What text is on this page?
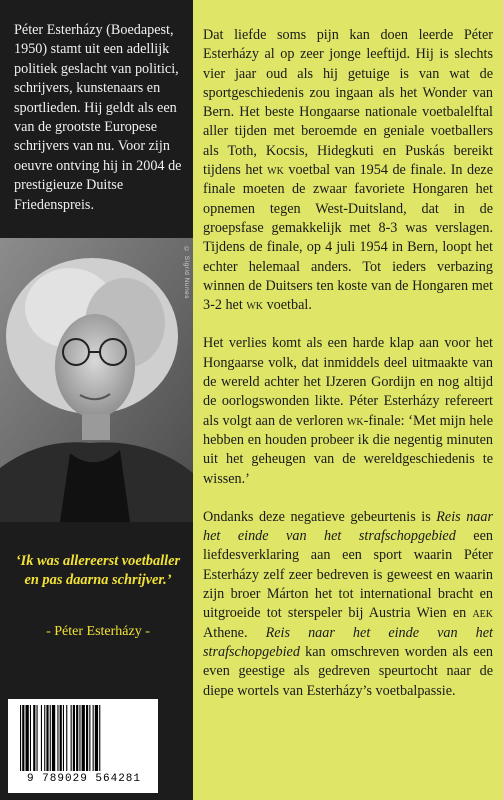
Péter Esterházy (Boedapest, 1950) stamt uit een adellijk politiek geslacht van politici, schrijvers, kunstenaars en sportlieden. Hij geldt als een van de grootste Europese schrijvers van nu. Voor zijn oeuvre ontving hij in 2004 de prestigieuze Duitse Friedenspreis.

© Sigrid Nunes

‘Ik was allereerst voetballer en pas daarna schrijver.’

- Péter Esterházy -
9 789029 564281

Dat liefde soms pijn kan doen leerde Péter Esterházy al op zeer jonge leeftijd. Hij is slechts vier jaar oud als hij getuige is van wat de sportgeschiedenis zou ingaan als het Wonder van Bern. Het beste Hongaarse nationale voetbalelftal aller tijden met beroemde en geniale voetballers als Toth, Kocsis, Hidegkuti en Puskás bereikt tijdens het wk voetbal van 1954 de finale. In deze finale moeten de zwaar favoriete Hongaren het opnemen tegen West-Duitsland, dat in de groepsfase gemakkelijk met 8-3 was verslagen. Tijdens de finale, op 4 juli 1954 in Bern, loopt het echter helemaal anders. Tot ieders verbazing winnen de Duitsers ten koste van de Hongaren met 3-2 het wk voetbal.

Het verlies komt als een harde klap aan voor het Hongaarse volk, dat inmiddels deel uitmaakte van de wereld achter het IJzeren Gordijn en nog altijd de oorlogswonden likte. Péter Esterházy refereert als volgt aan de verloren wk-finale: ‘Met mijn hele hebben en houden probeer ik die negentig minuten uit het geheugen van de wereldgeschiedenis te wissen.’

Ondanks deze negatieve gebeurtenis is Reis naar het einde van het strafschopgebied een liefdesverklaring aan een sport waarin Péter Esterházy zelf zeer bedreven is geweest en waarin zijn broer Márton het tot international bracht en uitgroeide tot sterspeler bij Austria Wien en aek Athene. Reis naar het einde van het strafschopgebied kan omschreven worden als een even geestige als gedreven speurtocht naar de diepe wortels van Esterházy’s voetbalpassie.
